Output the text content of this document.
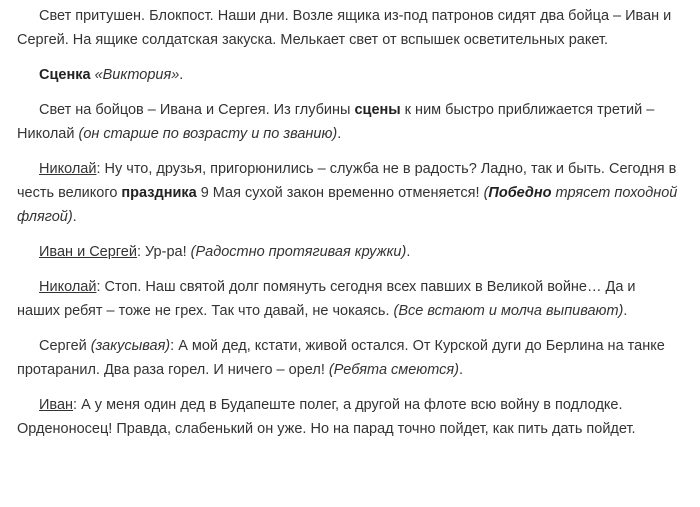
Свет притушен. Блокпост. Наши дни. Возле ящика из-под патронов сидят два бойца – Иван и Сергей. На ящике солдатская закуска. Мелькает свет от вспышек осветительных ракет.

Сценка «Виктория».

Свет на бойцов – Ивана и Сергея. Из глубины сцены к ним быстро приближается третий – Николай (он старше по возрасту и по званию).

Николай: Ну что, друзья, пригорюнились – служба не в радость? Ладно, так и быть. Сегодня в честь великого праздника 9 Мая сухой закон временно отменяется! (Победно трясет походной флягой).

Иван и Сергей: Ур-ра! (Радостно протягивая кружки).

Николай: Стоп. Наш святой долг помянуть сегодня всех павших в Великой войне… Да и наших ребят – тоже не грех. Так что давай, не чокаясь. (Все встают и молча выпивают).

Сергей (закусывая): А мой дед, кстати, живой остался. От Курской дуги до Берлина на танке протаранил. Два раза горел. И ничего – орел! (Ребята смеются).

Иван: А у меня один дед в Будапеште полег, а другой на флоте всю войну в подлодке. Орденоносец! Правда, слабенький он уже. Но на парад точно пойдет, как пить дать пойдет.
